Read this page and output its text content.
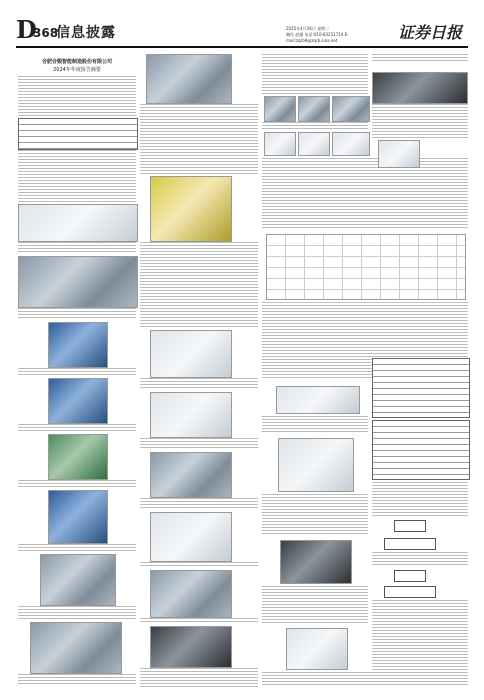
D
368
信息披露	2025年4月26日 星期二
制作 赵薇 电话:010-83251714 E-mail:zqrb9@zqrb.sina.net	证券日报
合肥合锻智能制造股份有限公司
2024年年度报告摘要
